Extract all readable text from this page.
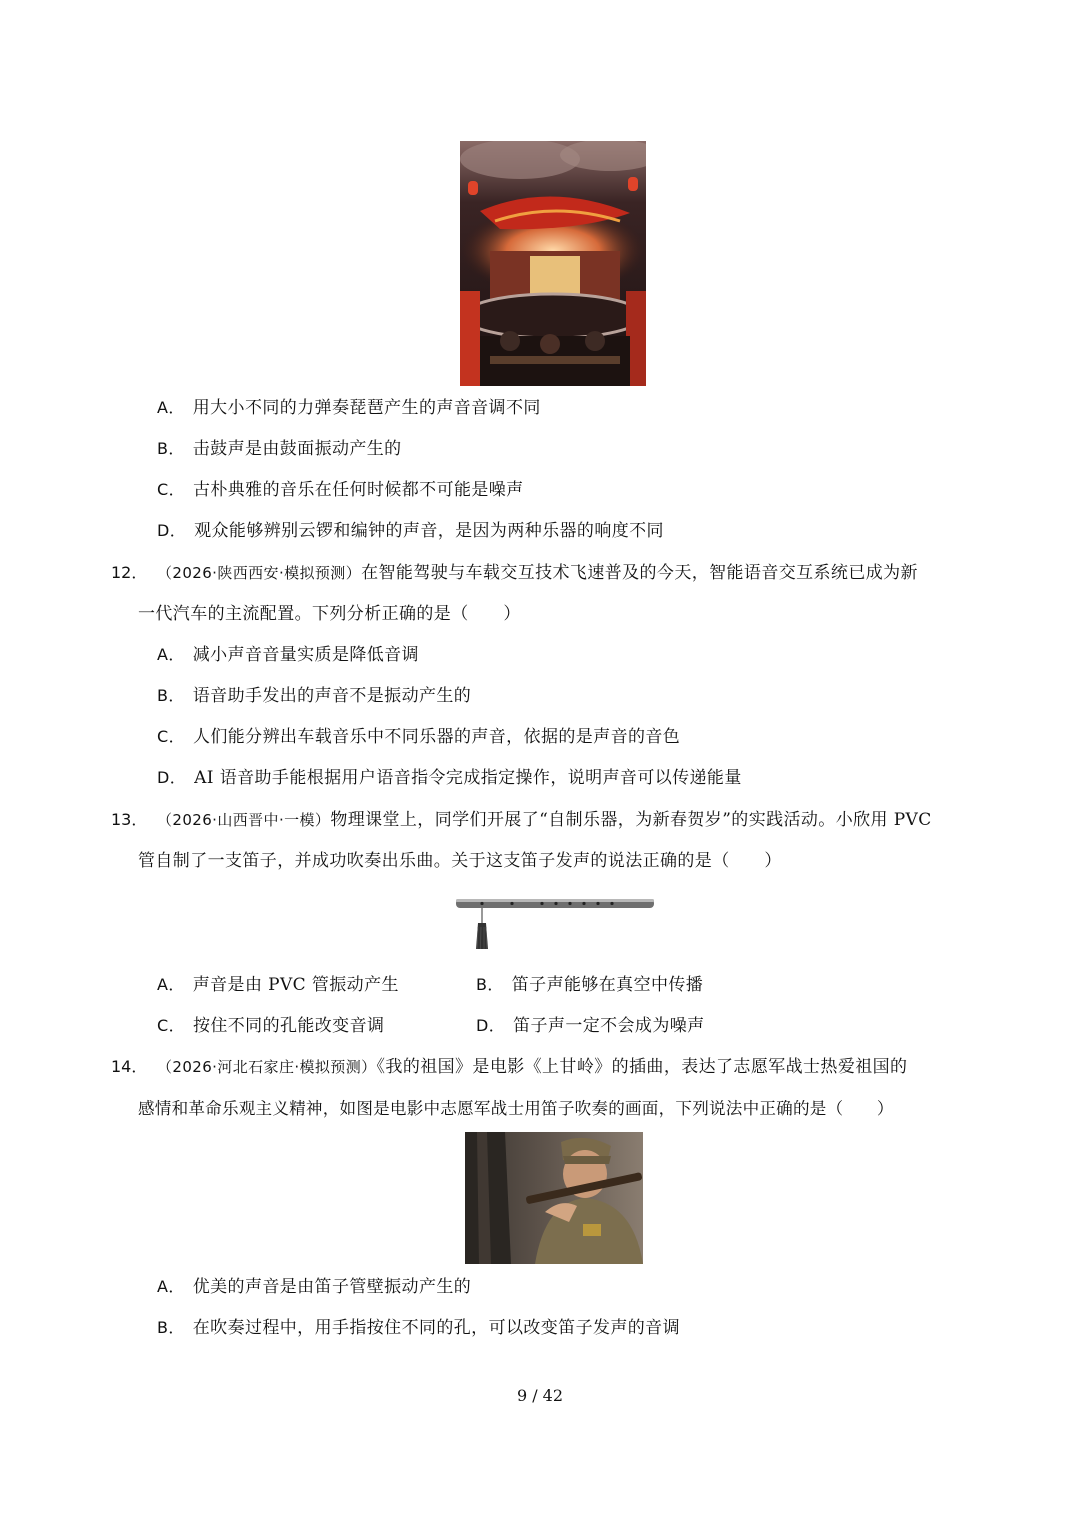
A． 用大小不同的力弹奏琵琶产生的声音音调不同
B． 击鼓声是由鼓面振动产生的
C． 古朴典雅的音乐在任何时候都不可能是噪声
D． 观众能够辨别云锣和编钟的声音，是因为两种乐器的响度不同
12． （2026·陕西西安·模拟预测）在智能驾驶与车载交互技术飞速普及的今天，智能语音交互系统已成为新
一代汽车的主流配置。下列分析正确的是（　　）
A． 减小声音音量实质是降低音调
B． 语音助手发出的声音不是振动产生的
C． 人们能分辨出车载音乐中不同乐器的声音，依据的是声音的音色
D． AI 语音助手能根据用户语音指令完成指定操作，说明声音可以传递能量
13． （2026·山西晋中·一模）物理课堂上，同学们开展了“自制乐器，为新春贺岁”的实践活动。小欣用 PVC
管自制了一支笛子，并成功吹奏出乐曲。关于这支笛子发声的说法正确的是（　　）
A． 声音是由 PVC 管振动产生	B． 笛子声能够在真空中传播
C． 按住不同的孔能改变音调	D． 笛子声一定不会成为噪声
14． （2026·河北石家庄·模拟预测）《我的祖国》是电影《上甘岭》的插曲，表达了志愿军战士热爱祖国的
感情和革命乐观主义精神，如图是电影中志愿军战士用笛子吹奏的画面，下列说法中正确的是（　　）
A． 优美的声音是由笛子管壁振动产生的
B． 在吹奏过程中，用手指按住不同的孔，可以改变笛子发声的音调
9 / 42
